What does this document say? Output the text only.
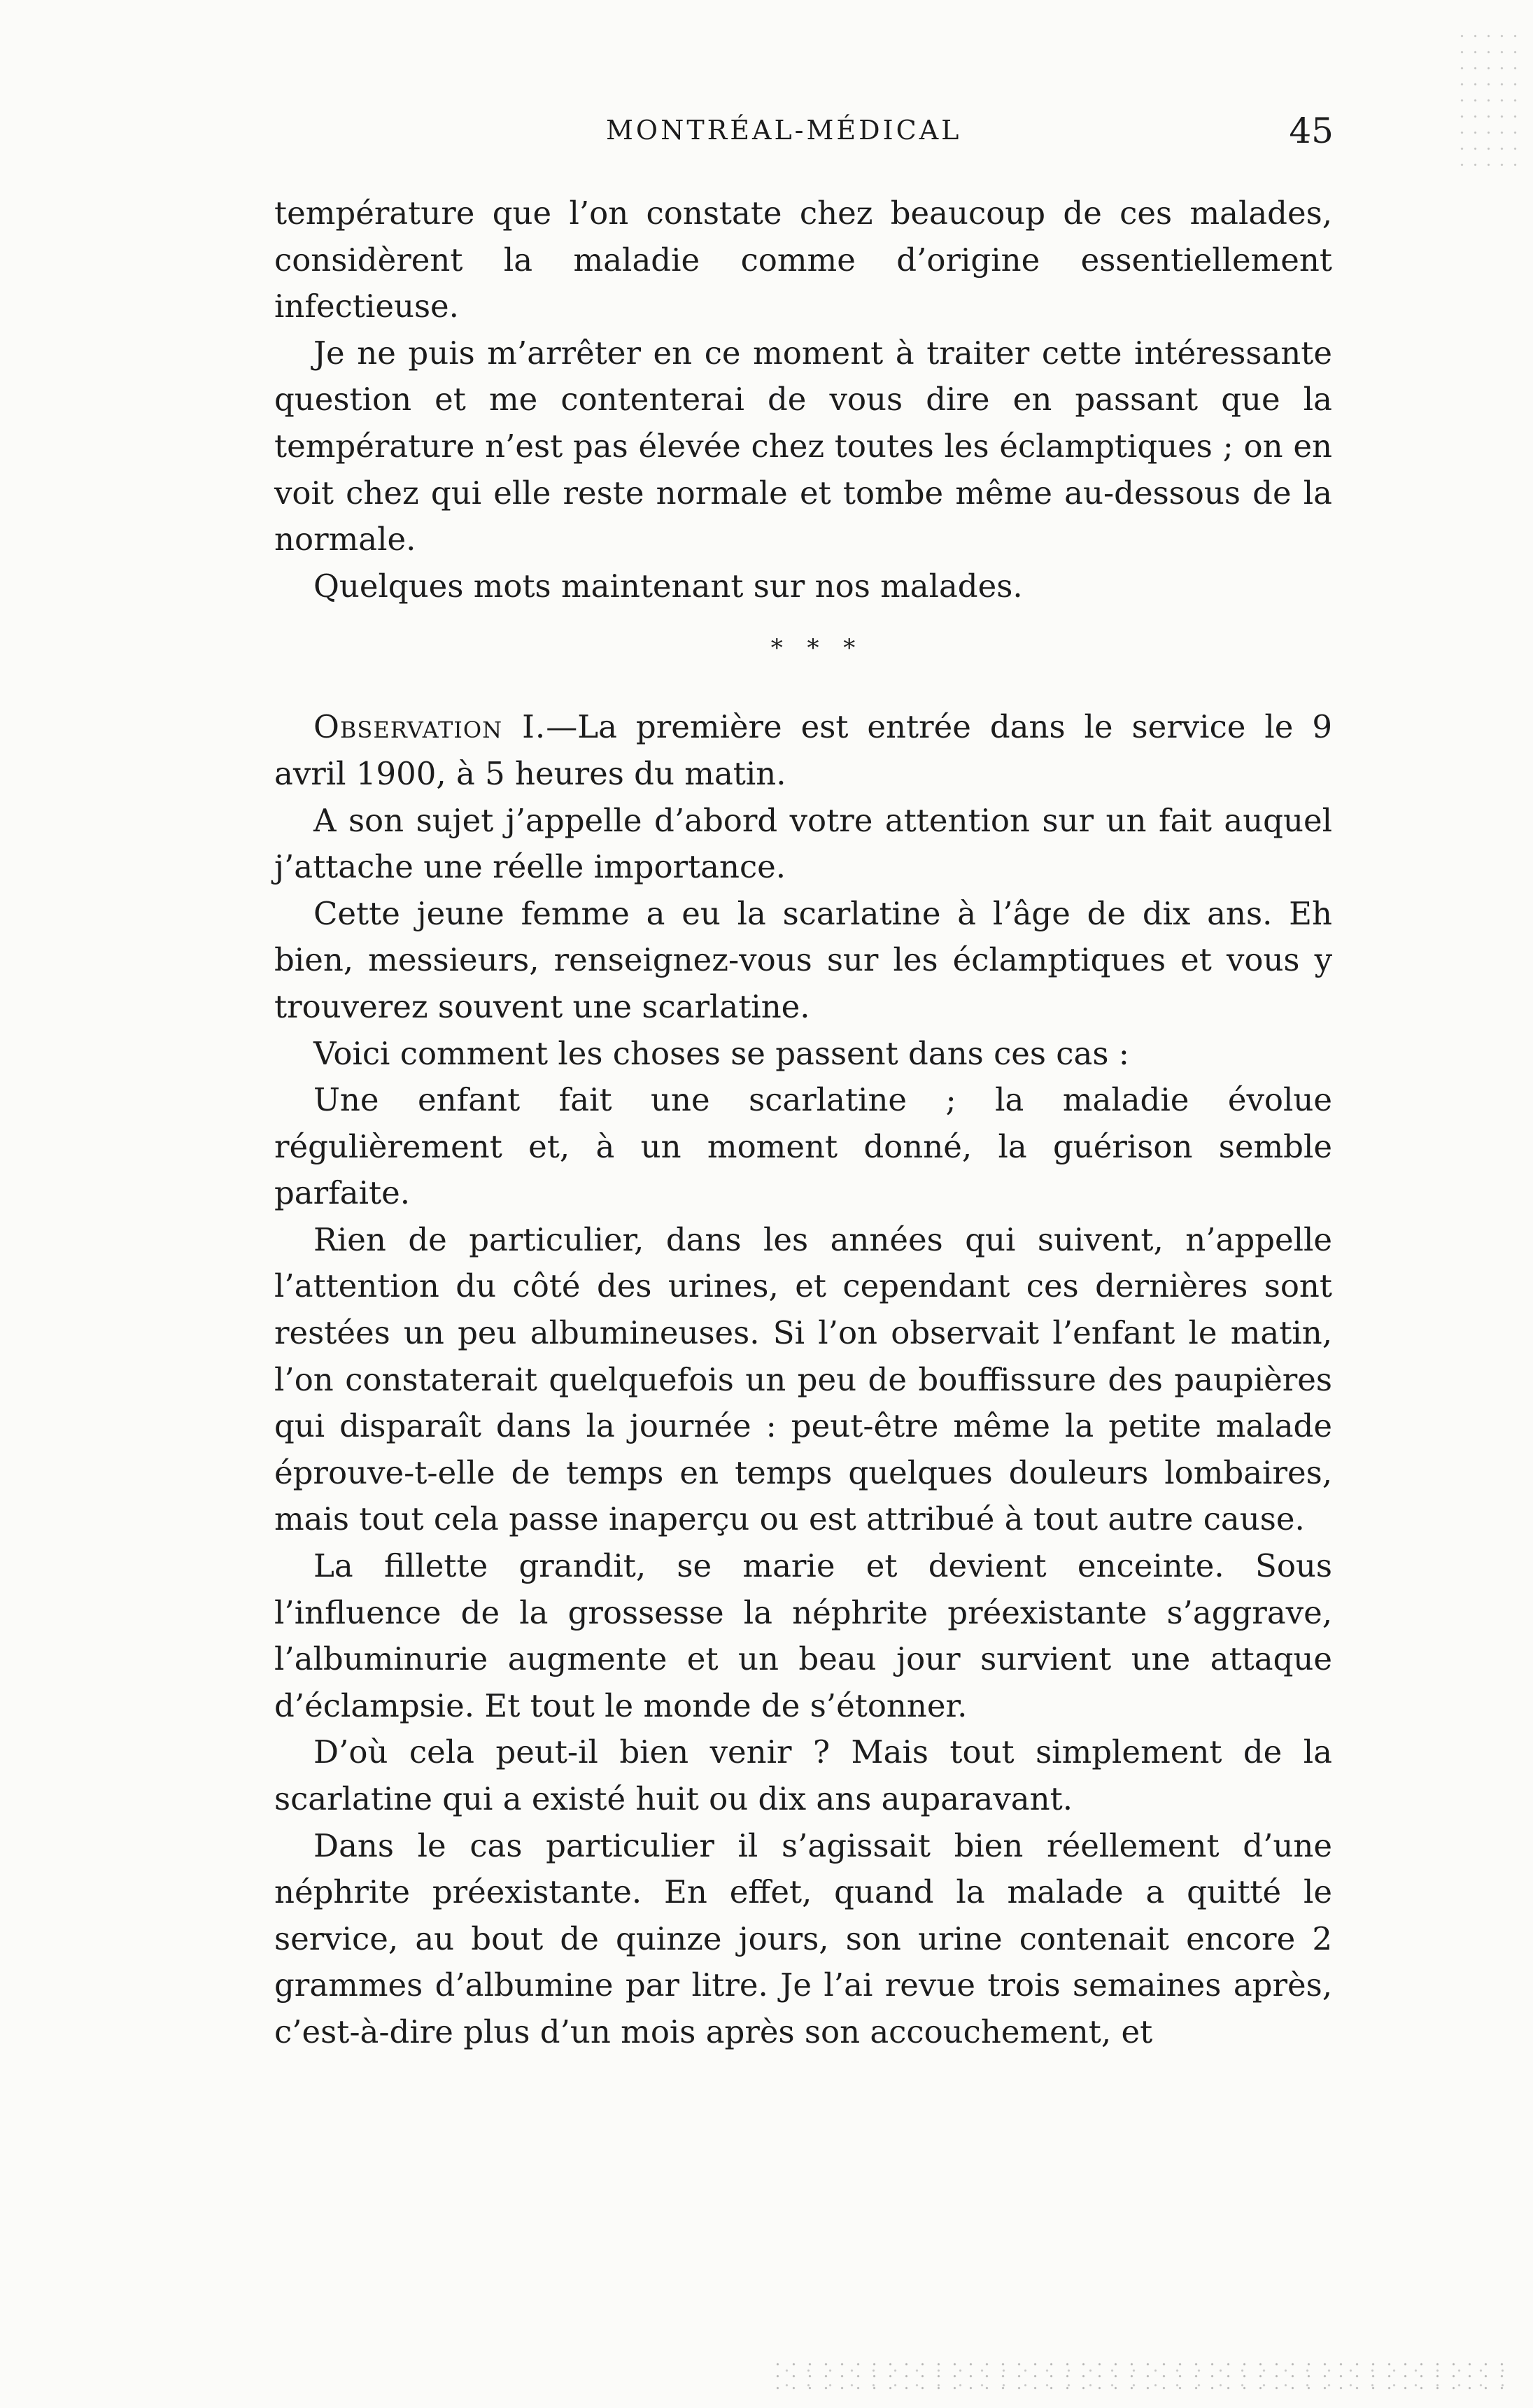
MONTRÉAL-MÉDICAL	45

température que l’on constate chez beaucoup de ces malades, considèrent la maladie comme d’origine essentiellement infectieuse.

Je ne puis m’arrêter en ce moment à traiter cette intéressante question et me contenterai de vous dire en passant que la température n’est pas élevée chez toutes les éclamptiques ; on en voit chez qui elle reste normale et tombe même au-dessous de la normale.

Quelques mots maintenant sur nos malades.

* * *

Observation I.—La première est entrée dans le service le 9 avril 1900, à 5 heures du matin.

A son sujet j’appelle d’abord votre attention sur un fait auquel j’attache une réelle importance.

Cette jeune femme a eu la scarlatine à l’âge de dix ans. Eh bien, messieurs, renseignez-vous sur les éclamptiques et vous y trouverez souvent une scarlatine.

Voici comment les choses se passent dans ces cas :

Une enfant fait une scarlatine ; la maladie évolue régulièrement et, à un moment donné, la guérison semble parfaite.

Rien de particulier, dans les années qui suivent, n’appelle l’attention du côté des urines, et cependant ces dernières sont restées un peu albumineuses. Si l’on observait l’enfant le matin, l’on constaterait quelquefois un peu de bouffissure des paupières qui disparaît dans la journée : peut-être même la petite malade éprouve-t-elle de temps en temps quelques douleurs lombaires, mais tout cela passe inaperçu ou est attribué à tout autre cause.

La fillette grandit, se marie et devient enceinte. Sous l’influence de la grossesse la néphrite préexistante s’aggrave, l’albuminurie augmente et un beau jour survient une attaque d’éclampsie. Et tout le monde de s’étonner.

D’où cela peut-il bien venir ? Mais tout simplement de la scarlatine qui a existé huit ou dix ans auparavant.

Dans le cas particulier il s’agissait bien réellement d’une néphrite préexistante. En effet, quand la malade a quitté le service, au bout de quinze jours, son urine contenait encore 2 grammes d’albumine par litre. Je l’ai revue trois semaines après, c’est-à-dire plus d’un mois après son accouchement, et
